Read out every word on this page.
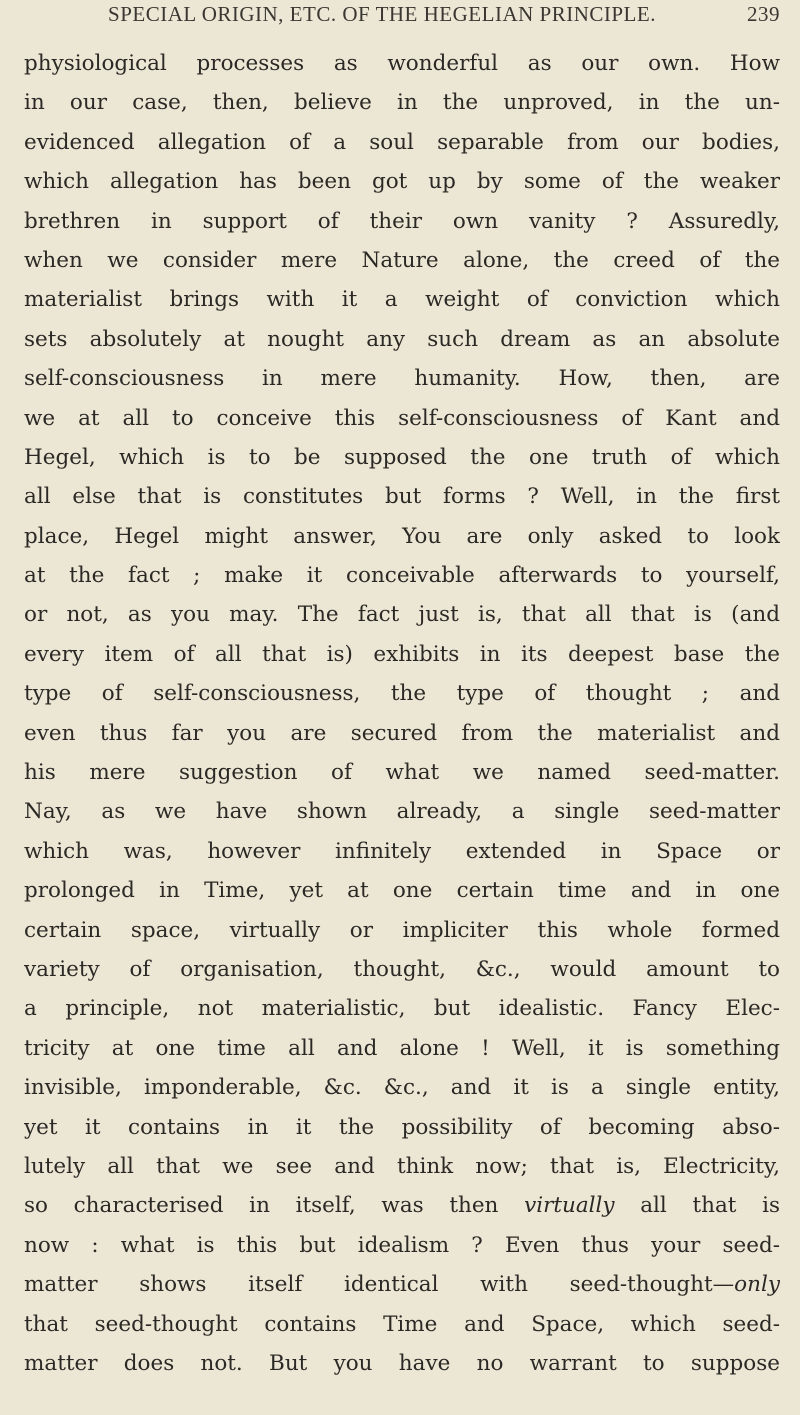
SPECIAL ORIGIN, ETC. OF THE HEGELIAN PRINCIPLE.	239
physiological processes as wonderful as our own. How
in our case, then, believe in the unproved, in the un-
evidenced allegation of a soul separable from our bodies,
which allegation has been got up by some of the weaker
brethren in support of their own vanity ? Assuredly,
when we consider mere Nature alone, the creed of the
materialist brings with it a weight of conviction which
sets absolutely at nought any such dream as an absolute
self-consciousness in mere humanity. How, then, are
we at all to conceive this self-consciousness of Kant and
Hegel, which is to be supposed the one truth of which
all else that is constitutes but forms ? Well, in the first
place, Hegel might answer, You are only asked to look
at the fact ; make it conceivable afterwards to yourself,
or not, as you may. The fact just is, that all that is (and
every item of all that is) exhibits in its deepest base the
type of self-consciousness, the type of thought ; and
even thus far you are secured from the materialist and
his mere suggestion of what we named seed-matter.
Nay, as we have shown already, a single seed-matter
which was, however infinitely extended in Space or
prolonged in Time, yet at one certain time and in one
certain space, virtually or impliciter this whole formed
variety of organisation, thought, &c., would amount to
a principle, not materialistic, but idealistic. Fancy Elec-
tricity at one time all and alone ! Well, it is something
invisible, imponderable, &c. &c., and it is a single entity,
yet it contains in it the possibility of becoming abso-
lutely all that we see and think now; that is, Electricity,
so characterised in itself, was then virtually all that is
now : what is this but idealism ? Even thus your seed-
matter shows itself identical with seed-thought—only
that seed-thought contains Time and Space, which seed-
matter does not. But you have no warrant to suppose
